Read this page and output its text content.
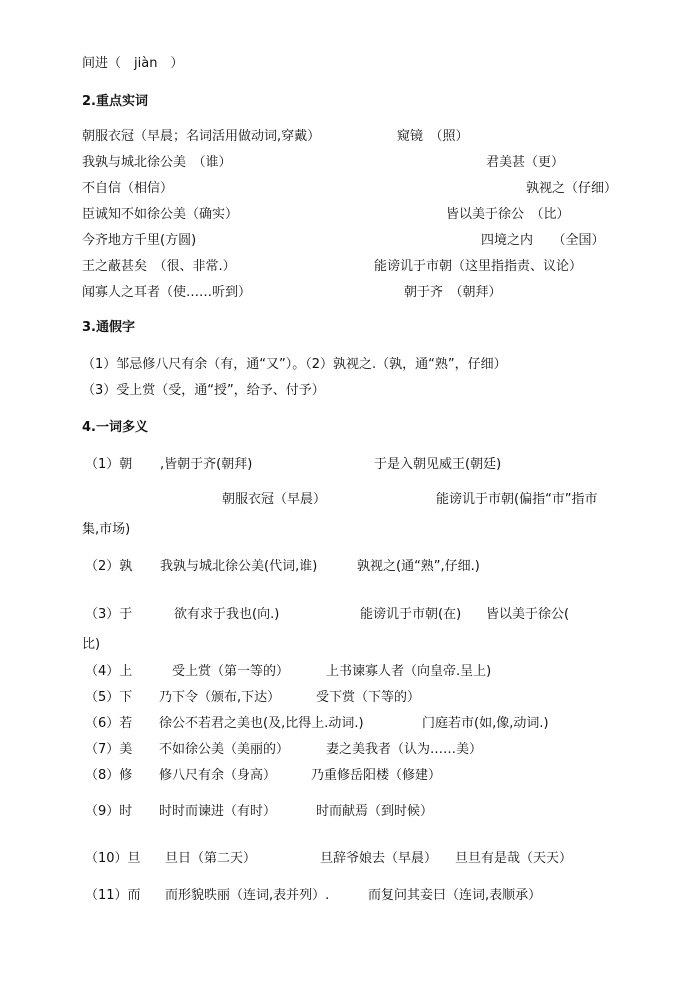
间进（　jiàn　）
2.重点实词
朝服衣冠（早晨；名词活用做动词,穿戴）	窥镜　（照）
我孰与城北徐公美　（谁）	君美甚（更）
不自信（相信）	孰视之（仔细）
臣诚知不如徐公美（确实）	皆以美于徐公　（比）
今齐地方千里(方圆)	四境之内　　（全国）
王之蔽甚矣　（很、非常.）	能谤讥于市朝（这里指指责、议论）
闻寡人之耳者（使……听到）	朝于齐　（朝拜）
3.通假字
（1）邹忌修八尺有余（有，通“又”）。（2）孰视之.（孰，通“熟”，仔细）
（3）受上赏（受，通“授”，给予、付予）
4.一词多义
（1）朝 ,皆朝于齐(朝拜)	于是入朝见威王(朝廷)
朝服衣冠（早晨）	能谤讥于市朝(偏指“市”指市
集,市场)
（2）孰 我孰与城北徐公美(代词,谁)	孰视之(通“熟”,仔细.)
（3）于	欲有求于我也(向.)	能谤讥于市朝(在) 皆以美于徐公(
比)
（4）上	受上赏（第一等的）	上书谏寡人者（向皇帝.呈上)
（5）下 乃下令（颁布,下达）	受下赏（下等的）
（6）若 徐公不若君之美也(及,比得上.动词.)	门庭若市(如,像,动词.)
（7）美 不如徐公美（美丽的）	妻之美我者（认为……美）
（8）修 修八尺有余（身高）	乃重修岳阳楼（修建）
（9）时 时时而谏进（有时）	时而献焉（到时候）
（10）旦 旦日（第二天）	旦辞爷娘去（早晨） 旦旦有是哉（天天）
（11）而 而形貌昳丽（连词,表并列）.	而复问其妾曰（连词,表顺承）
